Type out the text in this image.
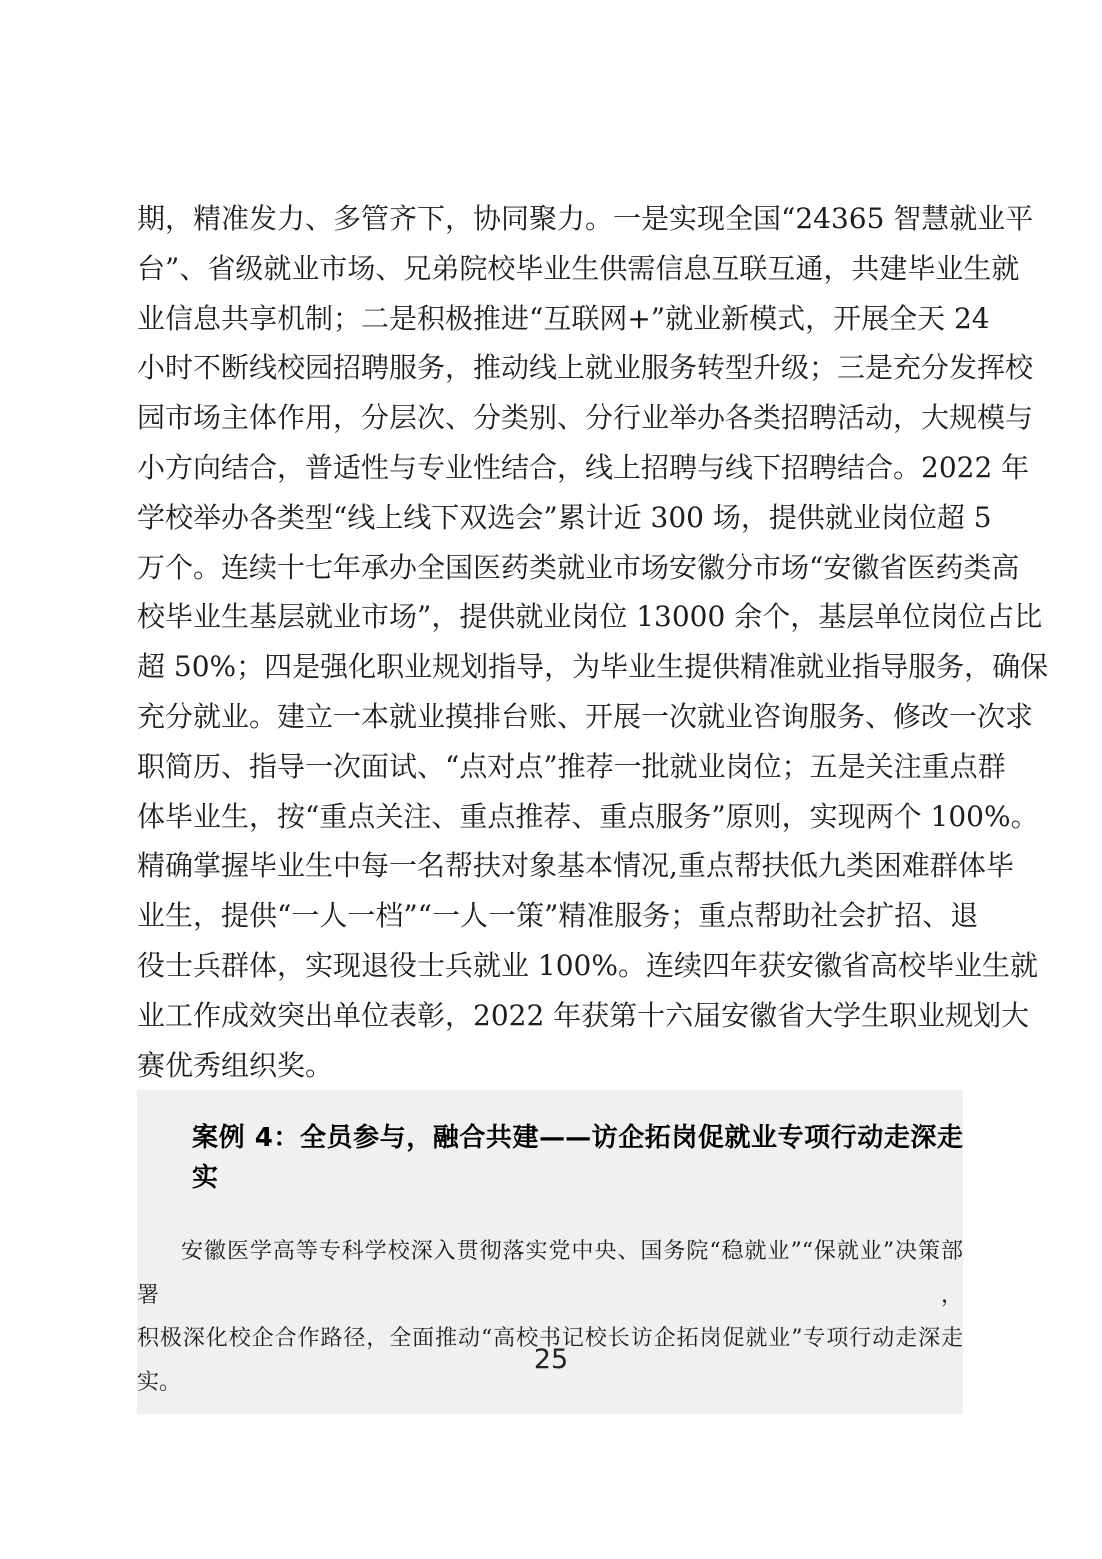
期，精准发力、多管齐下，协同聚力。一是实现全国“24365 智慧就业平
台”、省级就业市场、兄弟院校毕业生供需信息互联互通，共建毕业生就
业信息共享机制；二是积极推进“互联网+”就业新模式，开展全天 24
小时不断线校园招聘服务，推动线上就业服务转型升级；三是充分发挥校
园市场主体作用，分层次、分类别、分行业举办各类招聘活动，大规模与
小方向结合，普适性与专业性结合，线上招聘与线下招聘结合。2022 年
学校举办各类型“线上线下双选会”累计近 300 场，提供就业岗位超 5
万个。连续十七年承办全国医药类就业市场安徽分市场“安徽省医药类高
校毕业生基层就业市场”，提供就业岗位 13000 余个，基层单位岗位占比
超 50%；四是强化职业规划指导，为毕业生提供精准就业指导服务，确保
充分就业。建立一本就业摸排台账、开展一次就业咨询服务、修改一次求
职简历、指导一次面试、“点对点”推荐一批就业岗位；五是关注重点群
体毕业生，按“重点关注、重点推荐、重点服务”原则，实现两个 100%。
精确掌握毕业生中每一名帮扶对象基本情况,重点帮扶低九类困难群体毕
业生，提供“一人一档”“一人一策”精准服务；重点帮助社会扩招、退
役士兵群体，实现退役士兵就业 100%。连续四年获安徽省高校毕业生就
业工作成效突出单位表彰，2022 年获第十六届安徽省大学生职业规划大
赛优秀组织奖。
案例 4：全员参与，融合共建——访企拓岗促就业专项行动走深走实
安徽医学高等专科学校深入贯彻落实党中央、国务院“稳就业”“保就业”决策部署，
积极深化校企合作路径，全面推动“高校书记校长访企拓岗促就业”专项行动走深走
实。
25
